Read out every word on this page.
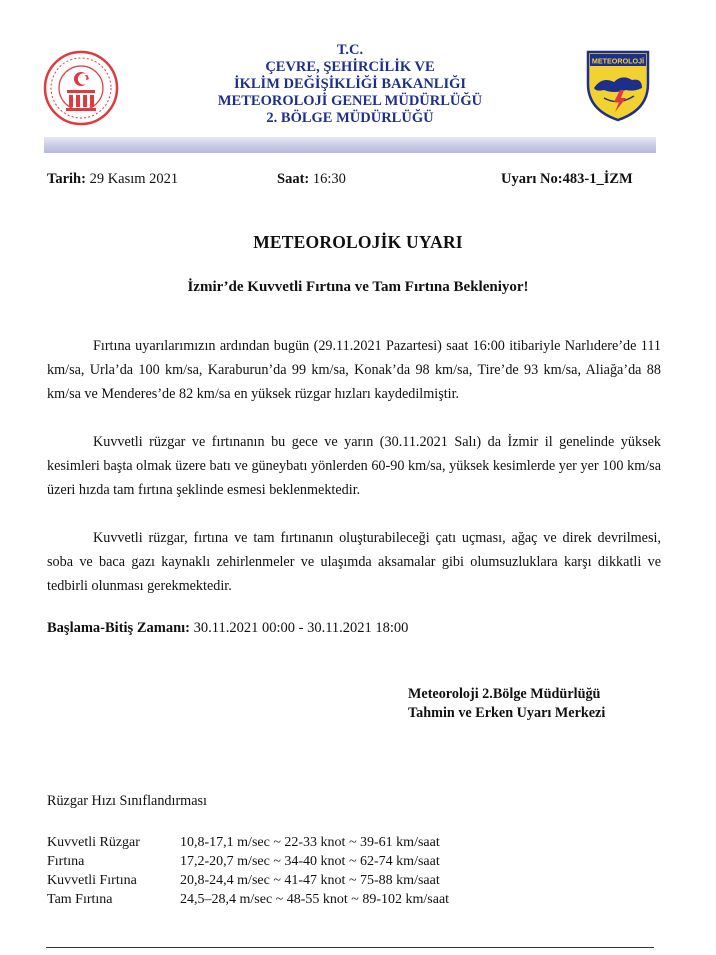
T.C.
ÇEVRE, ŞEHİRCİLİK VE
İKLİM DEĞİŞİKLİĞİ BAKANLIĞI
METEOROLOJİ GENEL MÜDÜRLÜĞÜ
2. BÖLGE MÜDÜRLÜĞÜ
METEOROLOJİ
Tarih: 29 Kasım 2021	Saat: 16:30	Uyarı No:483-1_İZM
METEOROLOJİK UYARI
İzmir’de Kuvvetli Fırtına ve Tam Fırtına Bekleniyor!

Fırtına uyarılarımızın ardından bugün (29.11.2021 Pazartesi) saat 16:00 itibariyle Narlıdere’de 111 km/sa, Urla’da 100 km/sa, Karaburun’da 99 km/sa, Konak’da 98 km/sa, Tire’de 93 km/sa, Aliağa’da 88 km/sa ve Menderes’de 82 km/sa en yüksek rüzgar hızları kaydedilmiştir.

Kuvvetli rüzgar ve fırtınanın bu gece ve yarın (30.11.2021 Salı) da İzmir il genelinde yüksek kesimleri başta olmak üzere batı ve güneybatı yönlerden 60-90 km/sa, yüksek kesimlerde yer yer 100 km/sa üzeri hızda tam fırtına şeklinde esmesi beklenmektedir.

Kuvvetli rüzgar, fırtına ve tam fırtınanın oluşturabileceği çatı uçması, ağaç ve direk devrilmesi, soba ve baca gazı kaynaklı zehirlenmeler ve ulaşımda aksamalar gibi olumsuzluklara karşı dikkatli ve tedbirli olunması gerekmektedir.

Başlama-Bitiş Zamanı: 30.11.2021 00:00 - 30.11.2021 18:00
Meteoroloji 2.Bölge Müdürlüğü
Tahmin ve Erken Uyarı Merkezi
Rüzgar Hızı Sınıflandırması
Kuvvetli Rüzgar	10,8-17,1 m/sec ~ 22-33 knot ~ 39-61 km/saat
Fırtına	17,2-20,7 m/sec ~ 34-40 knot ~ 62-74 km/saat
Kuvvetli Fırtına	20,8-24,4 m/sec ~ 41-47 knot ~ 75-88 km/saat
Tam Fırtına	24,5–28,4 m/sec ~ 48-55 knot ~ 89-102 km/saat
